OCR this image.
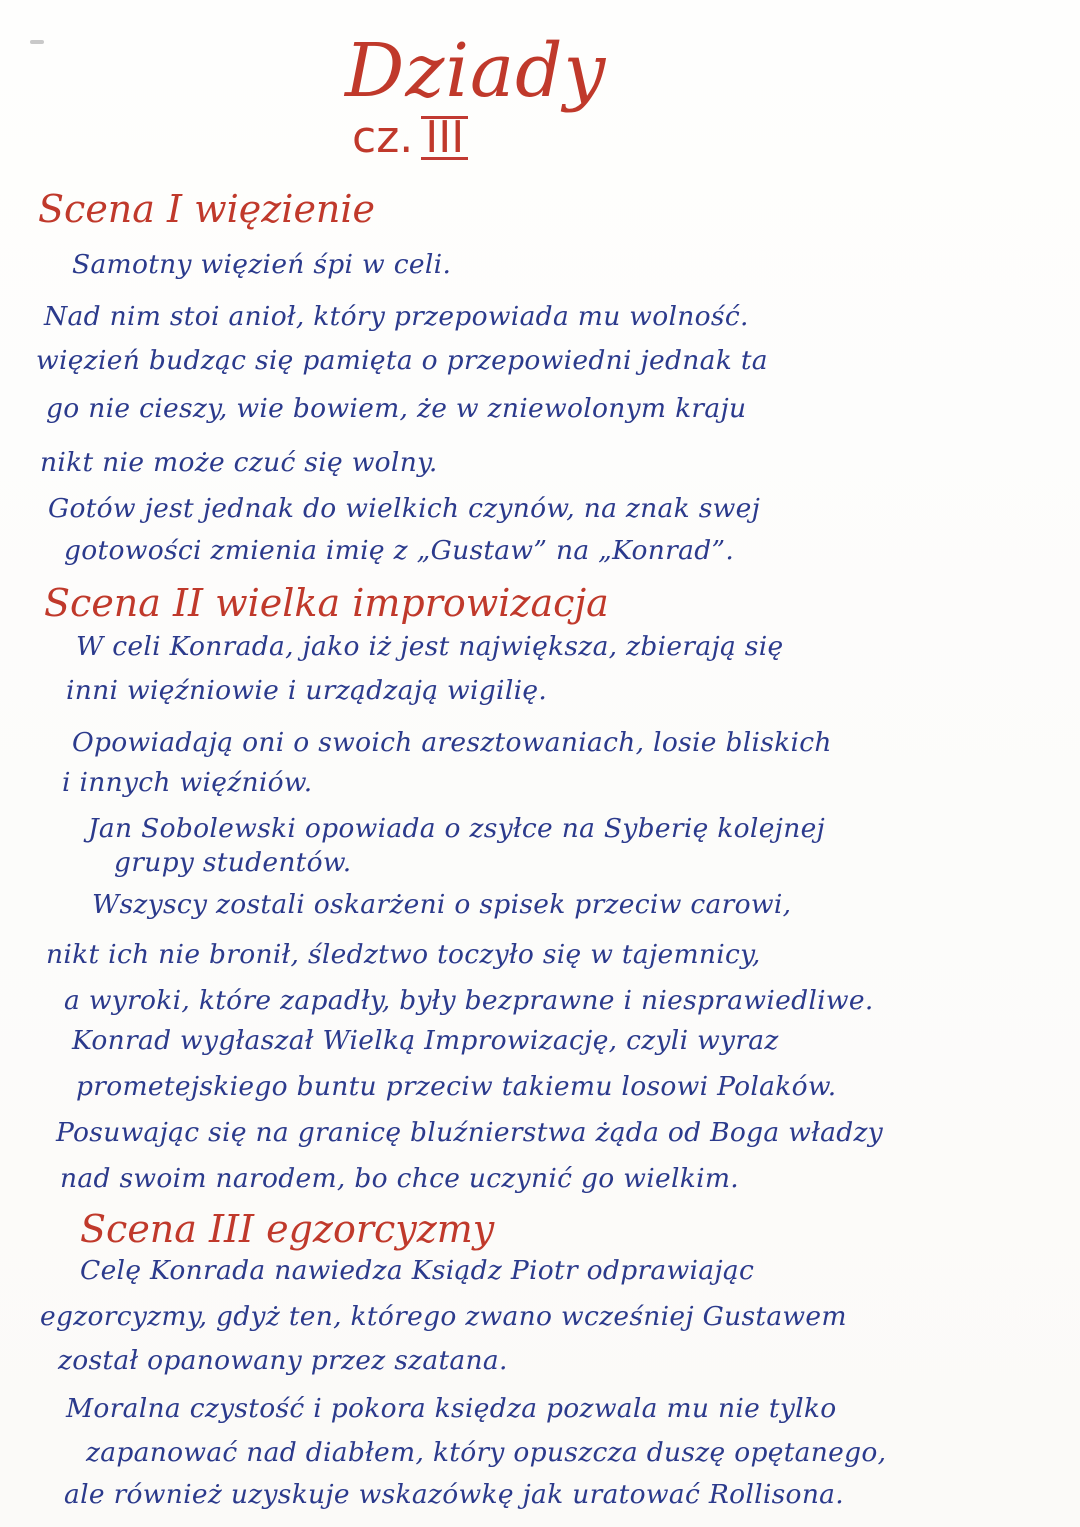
Dziady
cz. III
Scena I więzienie
Samotny więzień śpi w celi.
Nad nim stoi anioł, który przepowiada mu wolność.
więzień budząc się pamięta o przepowiedni jednak ta
go nie cieszy, wie bowiem, że w zniewolonym kraju
nikt nie może czuć się wolny.
Gotów jest jednak do wielkich czynów, na znak swej
gotowości zmienia imię z „Gustaw” na „Konrad”.
Scena II wielka improwizacja
W celi Konrada, jako iż jest największa, zbierają się
inni więźniowie i urządzają wigilię.
Opowiadają oni o swoich aresztowaniach, losie bliskich
i innych więźniów.
Jan Sobolewski opowiada o zsyłce na Syberię kolejnej
grupy studentów.
Wszyscy zostali oskarżeni o spisek przeciw carowi,
nikt ich nie bronił, śledztwo toczyło się w tajemnicy,
a wyroki, które zapadły, były bezprawne i niesprawiedliwe.
Konrad wygłaszał Wielką Improwizację, czyli wyraz
prometejskiego buntu przeciw takiemu losowi Polaków.
Posuwając się na granicę bluźnierstwa żąda od Boga władzy
nad swoim narodem, bo chce uczynić go wielkim.
Scena III egzorcyzmy
Celę Konrada nawiedza Ksiądz Piotr odprawiając
egzorcyzmy, gdyż ten, którego zwano wcześniej Gustawem
został opanowany przez szatana.
Moralna czystość i pokora księdza pozwala mu nie tylko
zapanować nad diabłem, który opuszcza duszę opętanego,
ale również uzyskuje wskazówkę jak uratować Rollisona.
